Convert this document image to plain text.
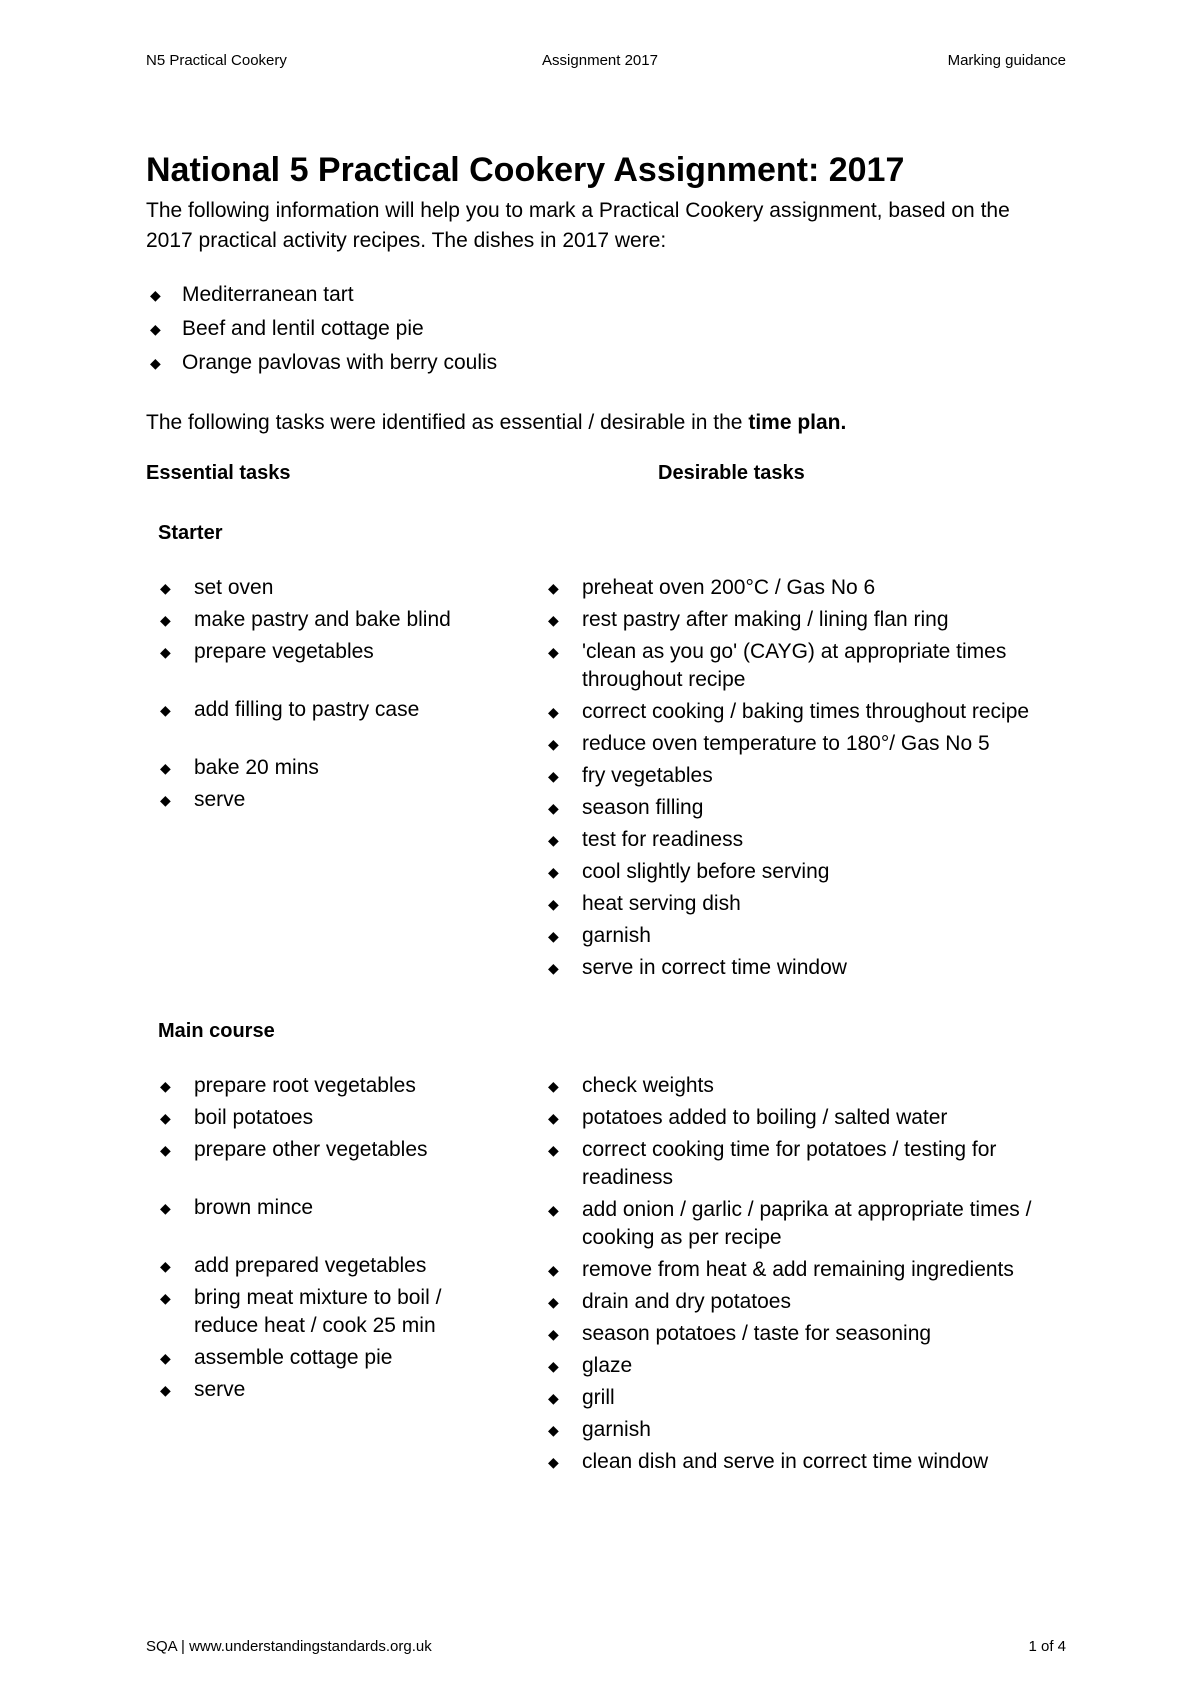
N5 Practical Cookery	Assignment 2017	Marking guidance
National 5 Practical Cookery Assignment: 2017

The following information will help you to mark a Practical Cookery assignment, based on the 2017 practical activity recipes. The dishes in 2017 were:

◆ Mediterranean tart
◆ Beef and lentil cottage pie
◆ Orange pavlovas with berry coulis

The following tasks were identified as essential / desirable in the time plan.

Essential tasks	Desirable tasks
Starter
◆ set oven
◆ make pastry and bake blind
◆ prepare vegetables
◆ add filling to pastry case
◆ bake 20 mins
◆ serve
◆ preheat oven 200°C / Gas No 6
◆ rest pastry after making / lining flan ring
◆ 'clean as you go' (CAYG) at appropriate times throughout recipe
◆ correct cooking / baking times throughout recipe
◆ reduce oven temperature to 180°/ Gas No 5
◆ fry vegetables
◆ season filling
◆ test for readiness
◆ cool slightly before serving
◆ heat serving dish
◆ garnish
◆ serve in correct time window
Main course
◆ prepare root vegetables
◆ boil potatoes
◆ prepare other vegetables
◆ brown mince
◆ add prepared vegetables
◆ bring meat mixture to boil / reduce heat / cook 25 min
◆ assemble cottage pie
◆ serve
◆ check weights
◆ potatoes added to boiling / salted water
◆ correct cooking time for potatoes / testing for readiness
◆ add onion / garlic / paprika at appropriate times / cooking as per recipe
◆ remove from heat & add remaining ingredients
◆ drain and dry potatoes
◆ season potatoes / taste for seasoning
◆ glaze
◆ grill
◆ garnish
◆ clean dish and serve in correct time window
SQA | www.understandingstandards.org.uk	1 of 4
